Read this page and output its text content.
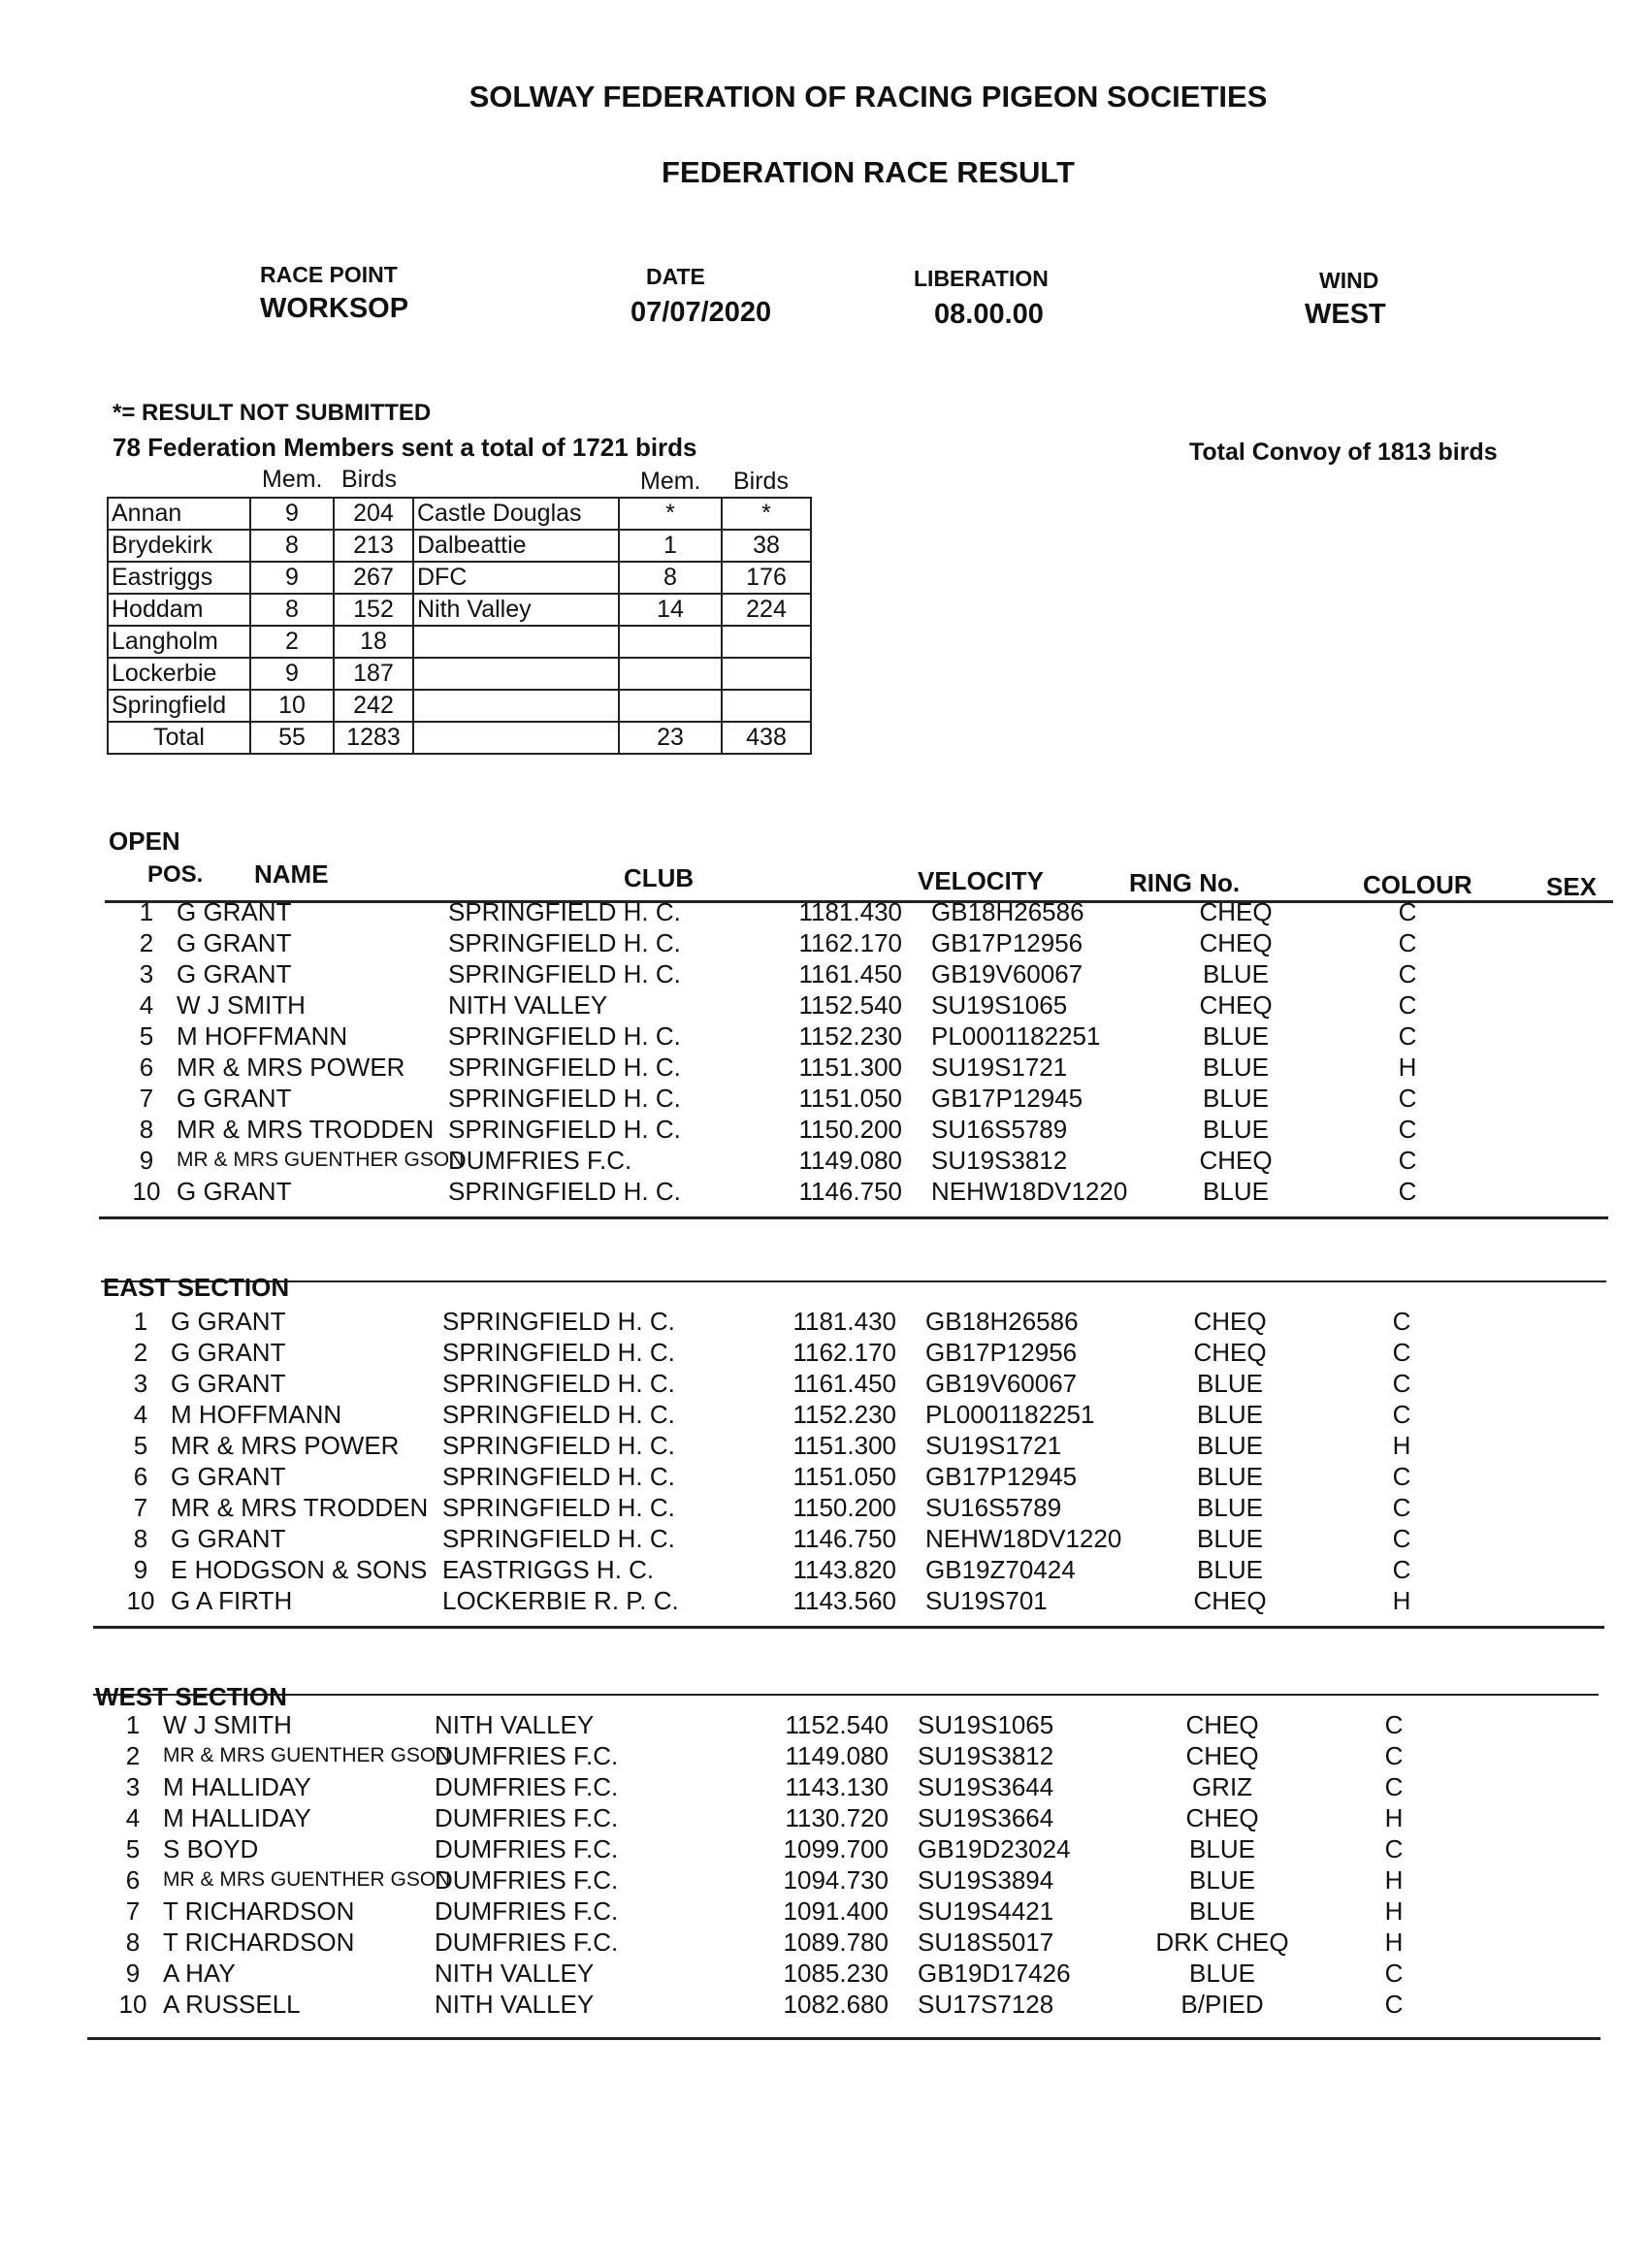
SOLWAY FEDERATION OF RACING PIGEON SOCIETIES
FEDERATION RACE RESULT
RACE POINT
WORKSOP
DATE
07/07/2020
LIBERATION
08.00.00
WIND
WEST
*= RESULT NOT SUBMITTED
78 Federation Members sent a total of 1721 birds	Total Convoy of 1813 birds
Mem. Birds	Mem. Birds
Annan	9	204	Castle Douglas	*	*
Brydekirk	8	213	Dalbeattie	1	38
Eastriggs	9	267	DFC	8	176
Hoddam	8	152	Nith Valley	14	224
Langholm	2	18			
Lockerbie	9	187			
Springfield	10	242			
Total	55	1283		23	438
OPEN
POS. NAME	CLUB	VELOCITY	RING No.	COLOUR	SEX
1	G GRANT	SPRINGFIELD H. C.	1181.430	GB18H26586	CHEQ	C
2	G GRANT	SPRINGFIELD H. C.	1162.170	GB17P12956	CHEQ	C
3	G GRANT	SPRINGFIELD H. C.	1161.450	GB19V60067	BLUE	C
4	W J SMITH	NITH VALLEY	1152.540	SU19S1065	CHEQ	C
5	M HOFFMANN	SPRINGFIELD H. C.	1152.230	PL0001182251	BLUE	C
6	MR & MRS POWER	SPRINGFIELD H. C.	1151.300	SU19S1721	BLUE	H
7	G GRANT	SPRINGFIELD H. C.	1151.050	GB17P12945	BLUE	C
8	MR & MRS TRODDEN	SPRINGFIELD H. C.	1150.200	SU16S5789	BLUE	C
9	MR & MRS GUENTHER GSON	DUMFRIES F.C.	1149.080	SU19S3812	CHEQ	C
10	G GRANT	SPRINGFIELD H. C.	1146.750	NEHW18DV1220	BLUE	C
EAST SECTION
1	G GRANT	SPRINGFIELD H. C.	1181.430	GB18H26586	CHEQ	C
2	G GRANT	SPRINGFIELD H. C.	1162.170	GB17P12956	CHEQ	C
3	G GRANT	SPRINGFIELD H. C.	1161.450	GB19V60067	BLUE	C
4	M HOFFMANN	SPRINGFIELD H. C.	1152.230	PL0001182251	BLUE	C
5	MR & MRS POWER	SPRINGFIELD H. C.	1151.300	SU19S1721	BLUE	H
6	G GRANT	SPRINGFIELD H. C.	1151.050	GB17P12945	BLUE	C
7	MR & MRS TRODDEN	SPRINGFIELD H. C.	1150.200	SU16S5789	BLUE	C
8	G GRANT	SPRINGFIELD H. C.	1146.750	NEHW18DV1220	BLUE	C
9	E HODGSON & SONS	EASTRIGGS H. C.	1143.820	GB19Z70424	BLUE	C
10	G A FIRTH	LOCKERBIE R. P. C.	1143.560	SU19S701	CHEQ	H
WEST SECTION
1	W J SMITH	NITH VALLEY	1152.540	SU19S1065	CHEQ	C
2	MR & MRS GUENTHER GSON	DUMFRIES F.C.	1149.080	SU19S3812	CHEQ	C
3	M HALLIDAY	DUMFRIES F.C.	1143.130	SU19S3644	GRIZ	C
4	M HALLIDAY	DUMFRIES F.C.	1130.720	SU19S3664	CHEQ	H
5	S BOYD	DUMFRIES F.C.	1099.700	GB19D23024	BLUE	C
6	MR & MRS GUENTHER GSON	DUMFRIES F.C.	1094.730	SU19S3894	BLUE	H
7	T RICHARDSON	DUMFRIES F.C.	1091.400	SU19S4421	BLUE	H
8	T RICHARDSON	DUMFRIES F.C.	1089.780	SU18S5017	DRK CHEQ	H
9	A HAY	NITH VALLEY	1085.230	GB19D17426	BLUE	C
10	A RUSSELL	NITH VALLEY	1082.680	SU17S7128	B/PIED	C
